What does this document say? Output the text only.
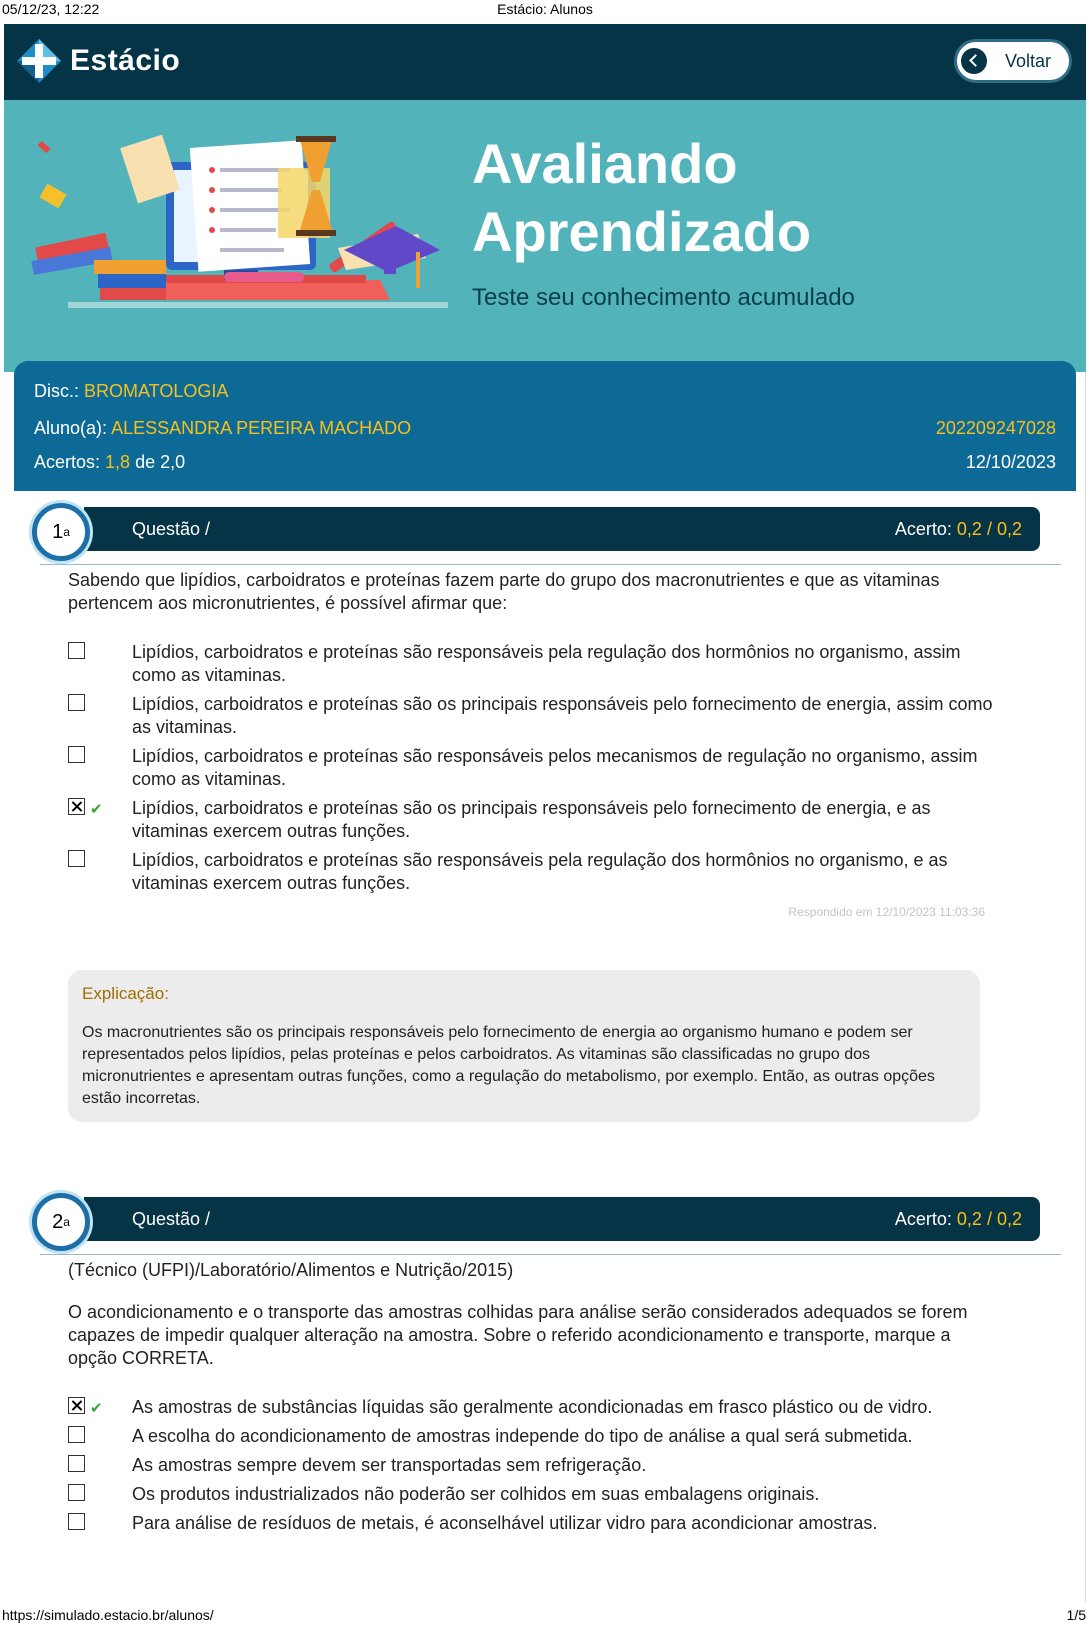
05/12/23, 12:22	Estácio: Alunos
Estácio	Voltar
Avaliando
Aprendizado
Teste seu conhecimento acumulado
Disc.: BROMATOLOGIA
Aluno(a): ALESSANDRA PEREIRA MACHADO	202209247028
Acertos: 1,8 de 2,0	12/10/2023
1 a	Questão /	Acerto: 0,2 / 0,2
Sabendo que lipídios, carboidratos e proteínas fazem parte do grupo dos macronutrientes e que as vitaminas pertencem aos micronutrientes, é possível afirmar que:
Lipídios, carboidratos e proteínas são responsáveis pela regulação dos hormônios no organismo, assim como as vitaminas.
Lipídios, carboidratos e proteínas são os principais responsáveis pelo fornecimento de energia, assim como as vitaminas.
Lipídios, carboidratos e proteínas são responsáveis pelos mecanismos de regulação no organismo, assim como as vitaminas.
✔ Lipídios, carboidratos e proteínas são os principais responsáveis pelo fornecimento de energia, e as vitaminas exercem outras funções.
Lipídios, carboidratos e proteínas são responsáveis pela regulação dos hormônios no organismo, e as vitaminas exercem outras funções.
Respondido em 12/10/2023 11:03:36
Explicação:
Os macronutrientes são os principais responsáveis pelo fornecimento de energia ao organismo humano e podem ser representados pelos lipídios, pelas proteínas e pelos carboidratos. As vitaminas são classificadas no grupo dos micronutrientes e apresentam outras funções, como a regulação do metabolismo, por exemplo. Então, as outras opções estão incorretas.
2 a	Questão /	Acerto: 0,2 / 0,2
(Técnico (UFPI)/Laboratório/Alimentos e Nutrição/2015)
O acondicionamento e o transporte das amostras colhidas para análise serão considerados adequados se forem capazes de impedir qualquer alteração na amostra. Sobre o referido acondicionamento e transporte, marque a opção CORRETA.
✔ As amostras de substâncias líquidas são geralmente acondicionadas em frasco plástico ou de vidro.
A escolha do acondicionamento de amostras independe do tipo de análise a qual será submetida.
As amostras sempre devem ser transportadas sem refrigeração.
Os produtos industrializados não poderão ser colhidos em suas embalagens originais.
Para análise de resíduos de metais, é aconselhável utilizar vidro para acondicionar amostras.
https://simulado.estacio.br/alunos/	1/5
